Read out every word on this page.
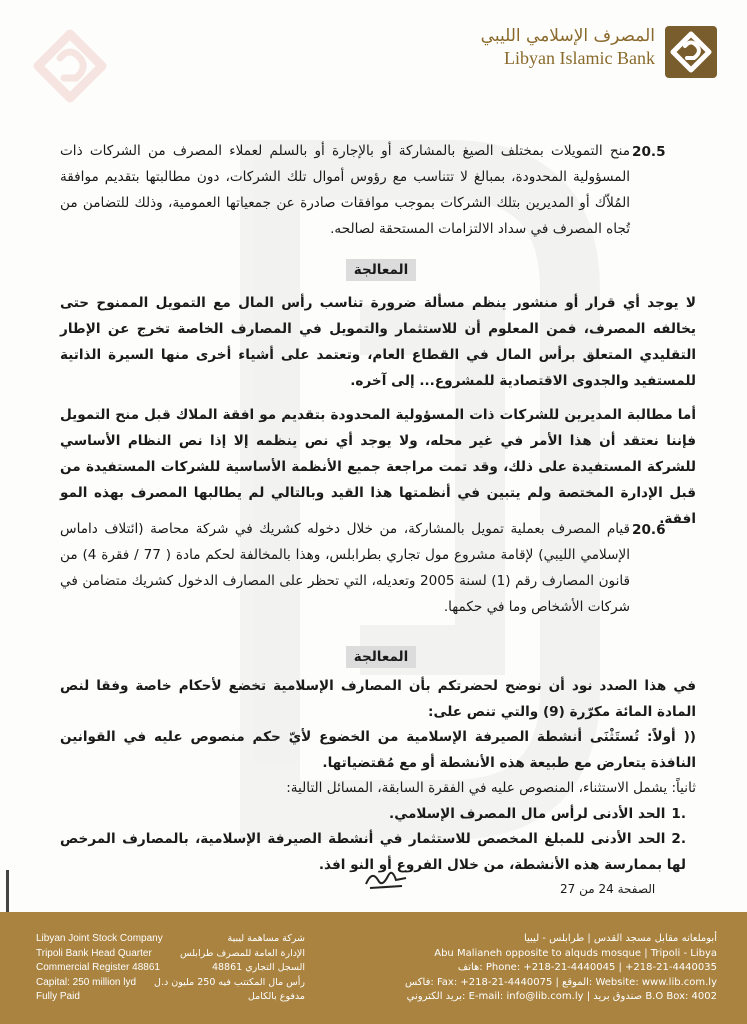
المصرف الإسلامي الليبي
Libyan Islamic Bank
20.5

منح التمويلات بمختلف الصيغ بالمشاركة أو بالإجارة أو بالسلم لعملاء المصرف من الشركات ذات المسؤولية المحدودة، بمبالغ لا تتناسب مع رؤوس أموال تلك الشركات، دون مطالبتها بتقديم موافقة المُلاّك أو المديرين بتلك الشركات بموجب موافقات صادرة عن جمعياتها العمومية، وذلك للتضامن من تُجاه المصرف في سداد الالتزامات المستحقة لصالحه.

المعالجة

لا يوجد أي قرار أو منشور ينظم مسألة ضرورة تناسب رأس المال مع التمويل الممنوح حتى يخالفه المصرف، فمن المعلوم أن للاستثمار والتمويل في المصارف الخاصة تخرج عن الإطار التقليدي المتعلق برأس المال في القطاع العام، وتعتمد على أشياء أخرى منها السيرة الذاتية للمستفيد والجدوى الاقتصادية للمشروع... إلى آخره.

أما مطالبة المديرين للشركات ذات المسؤولية المحدودة بتقديم مو افقة الملاك قبل منح التمويل فإننا نعتقد أن هذا الأمر في غير محله، ولا يوجد أي نص ينظمه إلا إذا نص النظام الأساسي للشركة المستفيدة على ذلك، وقد تمت مراجعة جميع الأنظمة الأساسية للشركات المستفيدة من قبل الإدارة المختصة ولم يتبين في أنظمتها هذا القيد وبالتالي لم يطالبها المصرف بهذه المو افقة.

20.6

قيام المصرف بعملية تمويل بالمشاركة، من خلال دخوله كشريك في شركة محاصة (ائتلاف داماس الإسلامي الليبي) لإقامة مشروع مول تجاري بطرابلس، وهذا بالمخالفة لحكم مادة ( 77 / فقرة 4) من قانون المصارف رقم (1) لسنة 2005 وتعديله، التي تحظر على المصارف الدخول كشريك متضامن في شركات الأشخاص وما في حكمها.

المعالجة

في هذا الصدد نود أن نوضح لحضرتكم بأن المصارف الإسلامية تخضع لأحكام خاصة وفقا لنص المادة المائة مكرّرة (9) والتي تنص على:

(( أولاً: تُستَثْنَى أنشطة الصيرفة الإسلامية من الخضوع لأيّ حكم منصوص عليه في القوانين النافذة يتعارض مع طبيعة هذه الأنشطة أو مع مُقتضياتها.

ثانياً: يشمل الاستثناء، المنصوص عليه في الفقرة السابقة، المسائل التالية:

.1الحد الأدنى لرأس مال المصرف الإسلامي.

.2الحد الأدنى للمبلغ المخصص للاستثمار في أنشطة الصيرفة الإسلامية، بالمصارف المرخص لها بممارسة هذه الأنشطة، من خلال الفروع أو النو افذ.

الصفحة 24 من 27
Libyan Joint Stock Company
Tripoli Bank Head Quarter
Commercial Register 48861
Capital: 250 million lyd
Fully Paid
شركة مساهمة ليبية
الإدارة العامة للمصرف طرابلس
السجل التجاري 48861
رأس مال المكتتب فيه 250 مليون د.ل
مدفوع بالكامل
أبوملعانه مقابل مسجد القدس | طرابلس - ليبيا
Abu Malianeh opposite to alquds mosque | Tripoli - Libya
Phone: +218-21-4440045 | +218-21-4440035 :هاتف
Website: www.lib.com.ly :الموقع | Fax: +218-21-4440075 :فاكس
B.O Box: 4002 صندوق بريد | E-mail: info@lib.com.ly :بريد الكتروني
